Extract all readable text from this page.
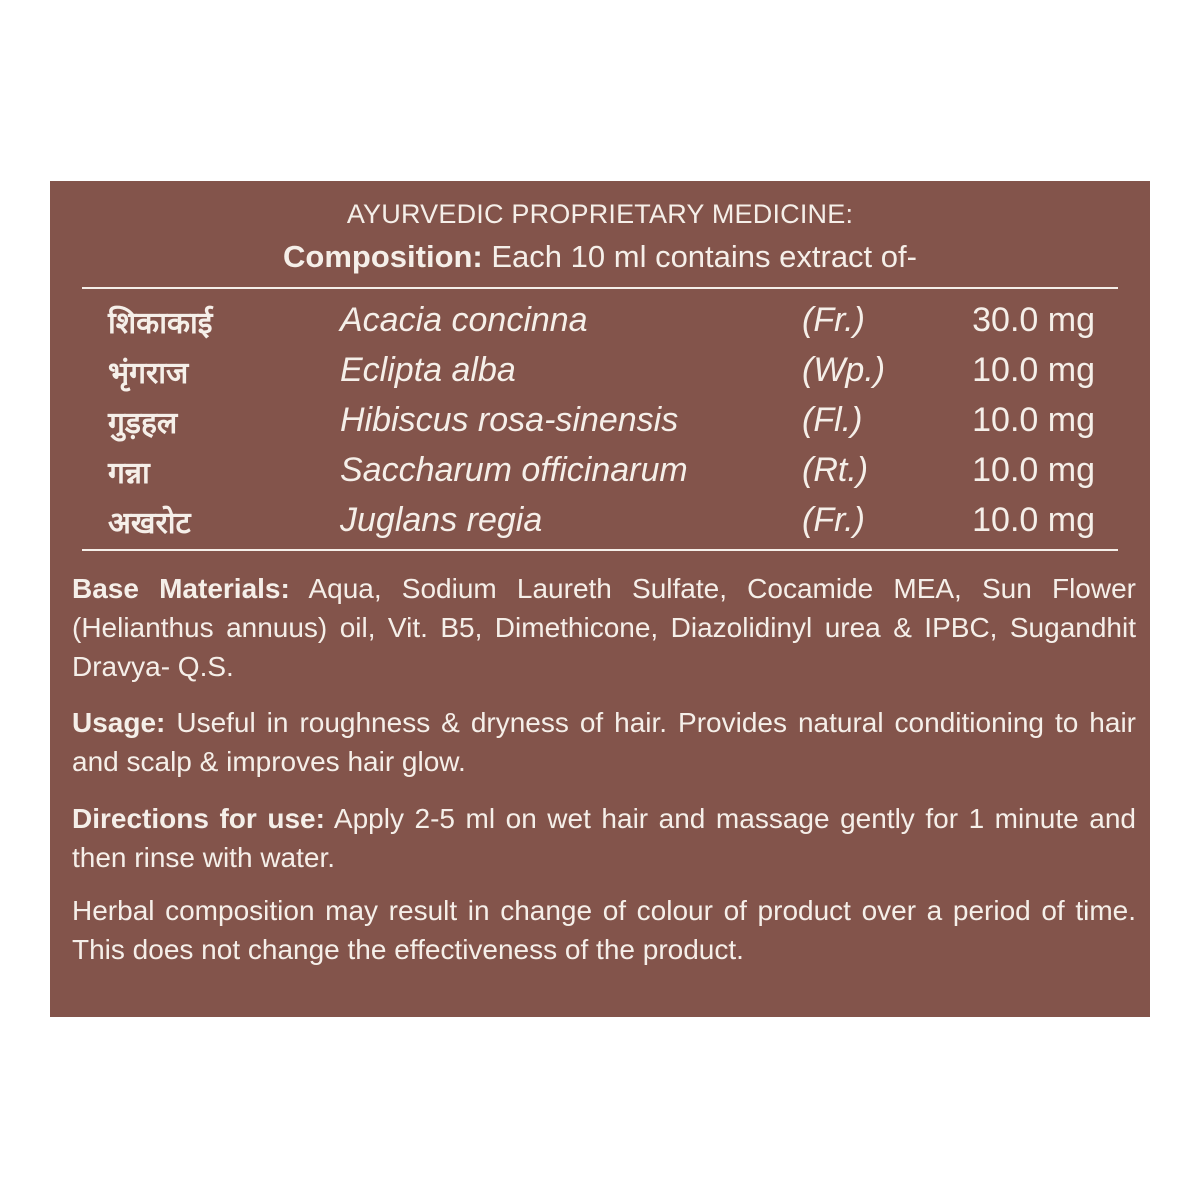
AYURVEDIC PROPRIETARY MEDICINE:
Composition: Each 10 ml contains extract of-
शिकाकाई	Acacia concinna	(Fr.)	30.0 mg
भृंगराज	Eclipta alba	(Wp.)	10.0 mg
गुड़हल	Hibiscus rosa-sinensis	(Fl.)	10.0 mg
गन्ना	Saccharum officinarum	(Rt.)	10.0 mg
अखरोट	Juglans regia	(Fr.)	10.0 mg
Base Materials: Aqua, Sodium Laureth Sulfate, Cocamide MEA, Sun Flower (Helianthus annuus) oil, Vit. B5, Dimethicone, Diazolidinyl urea & IPBC, Sugandhit Dravya- Q.S.
Usage: Useful in roughness & dryness of hair. Provides natural conditioning to hair and scalp & improves hair glow.
Directions for use: Apply 2-5 ml on wet hair and massage gently for 1 minute and then rinse with water.
Herbal composition may result in change of colour of product over a period of time. This does not change the effectiveness of the product.
